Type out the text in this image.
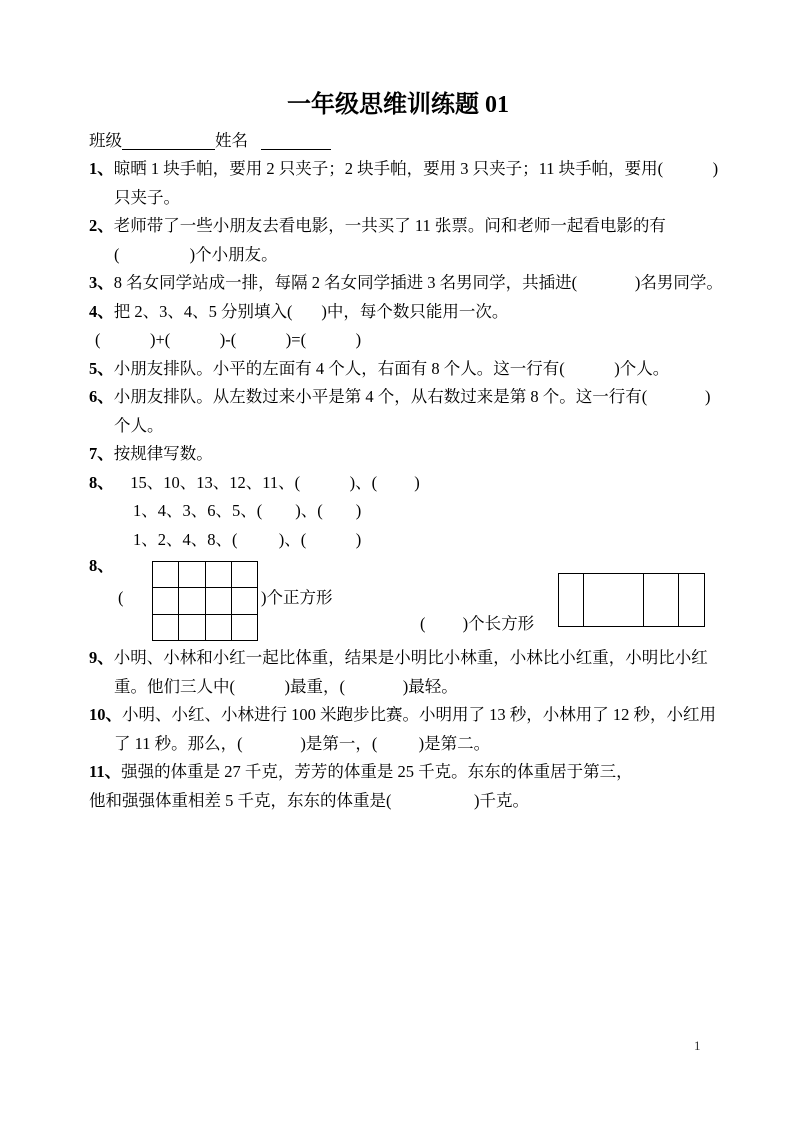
一年级思维训练题 01
班级	姓名
1、晾晒 1 块手帕，要用 2 只夹子；2 块手帕，要用 3 只夹子；11 块手帕，要用(            )
只夹子。
2、老师带了一些小朋友去看电影，一共买了 11 张票。问和老师一起看电影的有
(                 )个小朋友。
3、8 名女同学站成一排，每隔 2 名女同学插进 3 名男同学，共插进(              )名男同学。
4、把 2、3、4、5 分别填入(       )中，每个数只能用一次。
(            )+(            )-(            )=(            )
5、小朋友排队。小平的左面有 4 个人，右面有 8 个人。这一行有(            )个人。
6、小朋友排队。从左数过来小平是第 4 个，从右数过来是第 8 个。这一行有(              )
个人。
7、按规律写数。
8、    15、10、13、12、11、(            )、(         )
1、4、3、6、5、(        )、(        )
1、2、4、8、(          )、(            )
8、
(	)个正方形
(         )个长方形
9、小明、小林和小红一起比体重，结果是小明比小林重，小林比小红重，小明比小红
重。他们三人中(            )最重，(              )最轻。
10、小明、小红、小林进行 100 米跑步比赛。小明用了 13 秒，小林用了 12 秒，小红用
了 11 秒。那么，(              )是第一，(          )是第二。
11、强强的体重是 27 千克，芳芳的体重是 25 千克。东东的体重居于第三，
他和强强体重相差 5 千克，东东的体重是(                    )千克。
1
